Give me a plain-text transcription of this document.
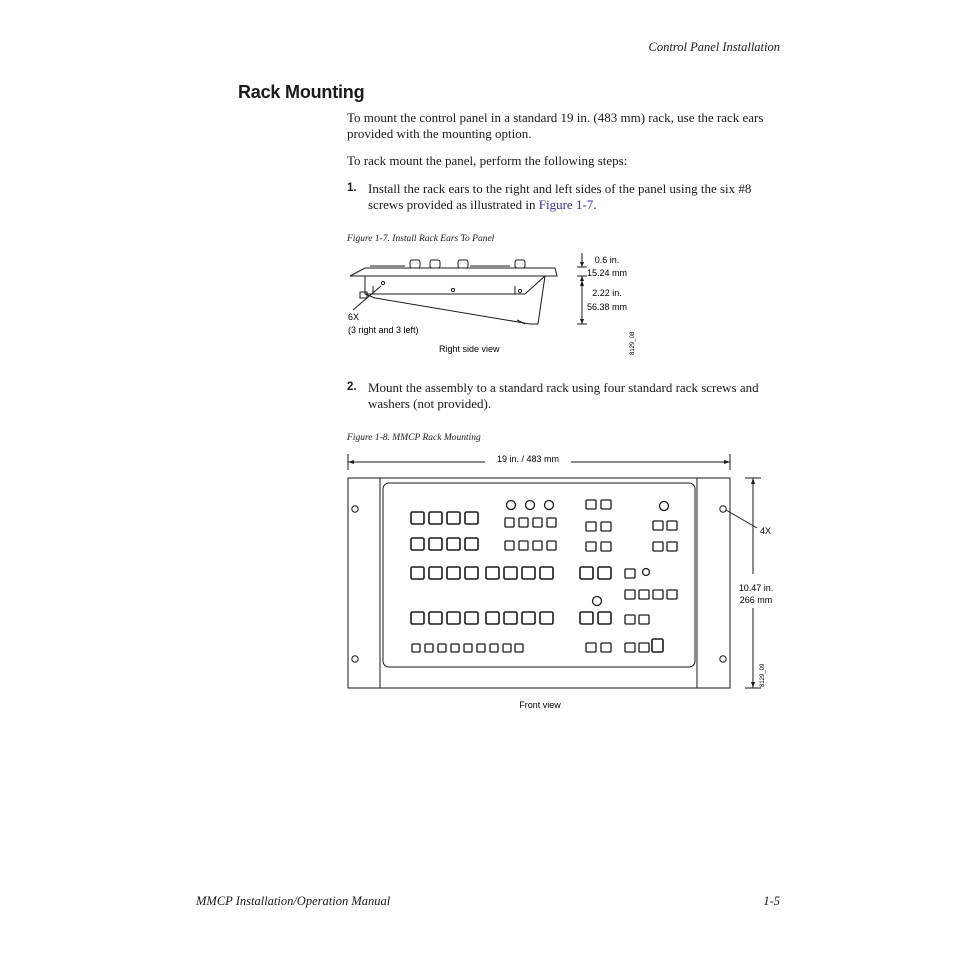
Control Panel Installation
Rack Mounting
To mount the control panel in a standard 19 in. (483 mm) rack, use the rack ears provided with the mounting option.
To rack mount the panel, perform the following steps:
1. Install the rack ears to the right and left sides of the panel using the six #8 screws provided as illustrated in Figure 1-7.
Figure 1-7. Install Rack Ears To Panel
0.6 in.
15.24 mm
2.22 in.
56.38 mm
6X
(3 right and 3 left)
Right side view	8129_08
2. Mount the assembly to a standard rack using four standard rack screws and washers (not provided).
Figure 1-8. MMCP Rack Mounting
19 in. / 483 mm
4X
10.47 in.
266 mm
Front view
8129_09
MMCP Installation/Operation Manual	1-5
